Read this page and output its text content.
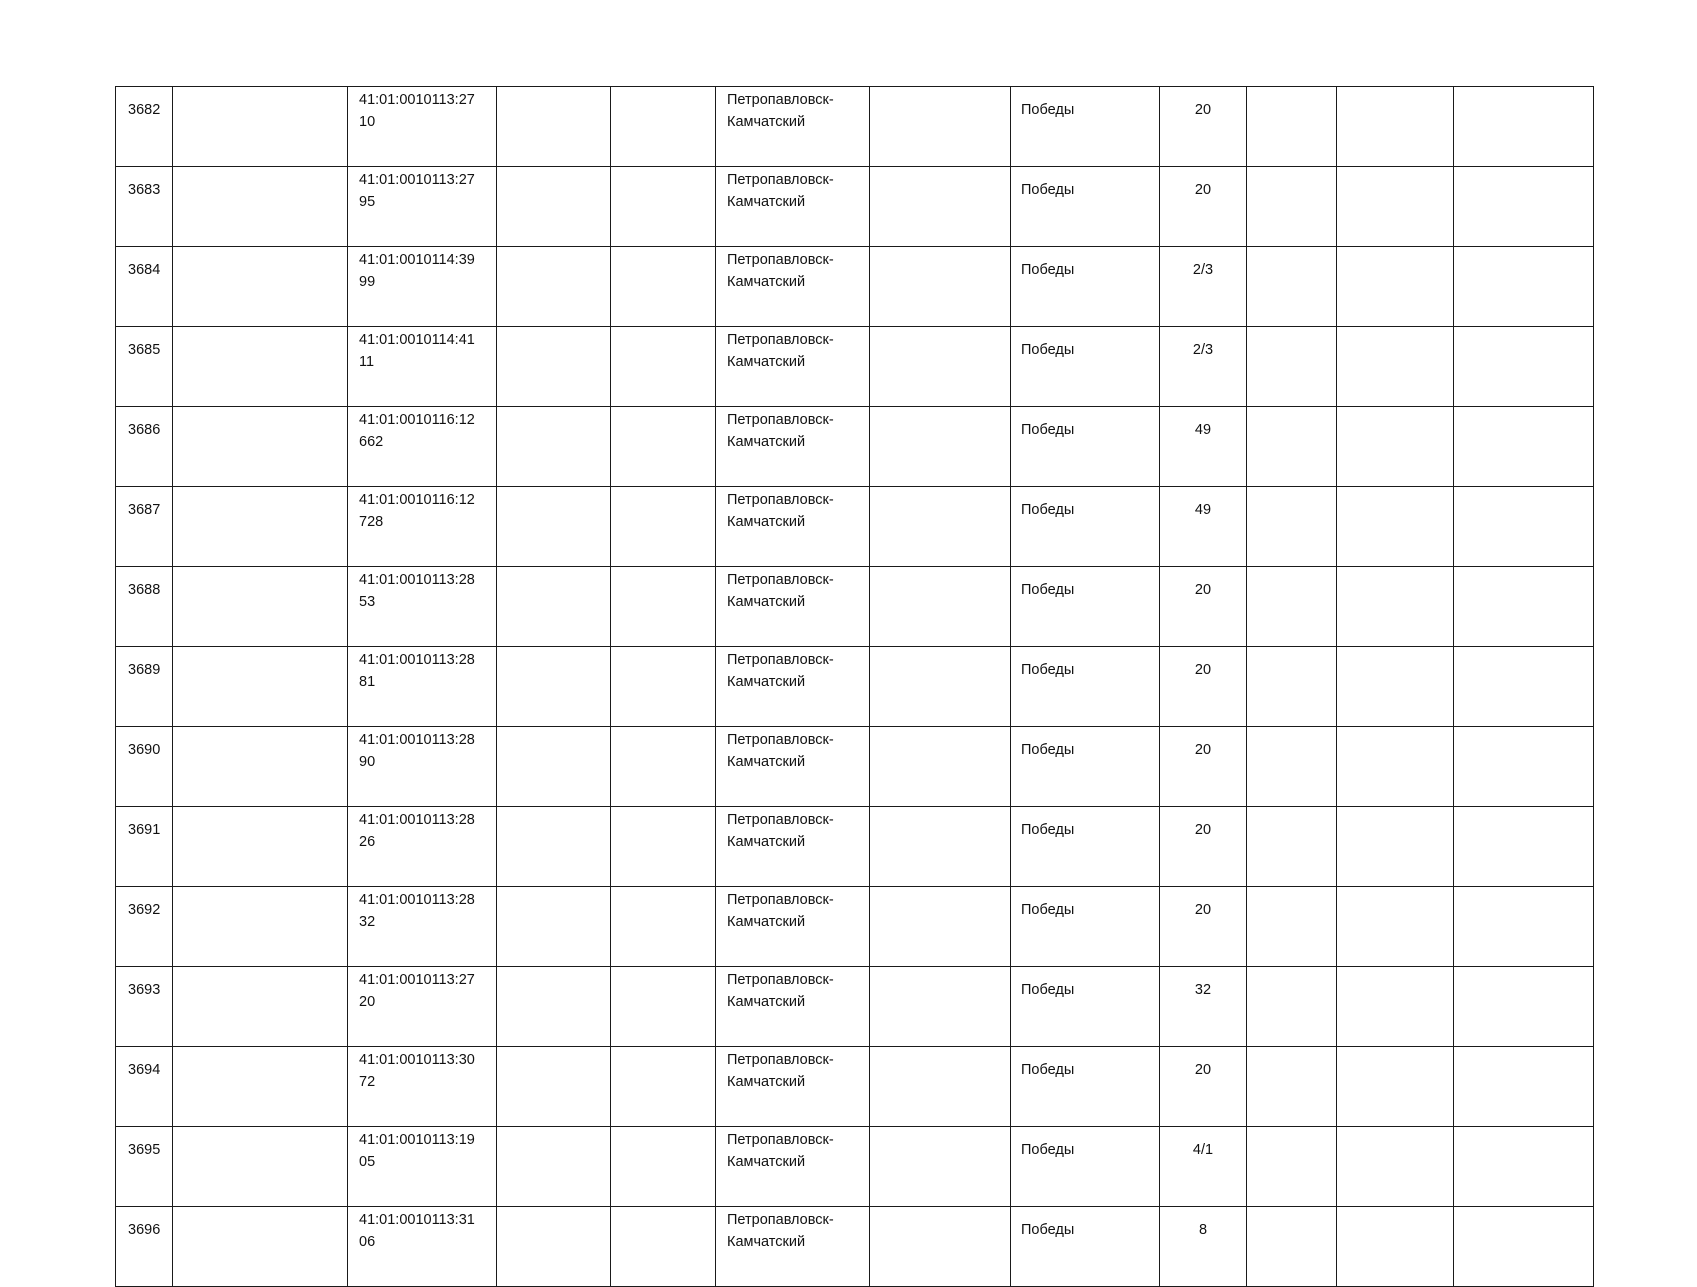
3682		41:01:0010113:27
10			Петропавловск-
Камчатский		Победы	20			

3683		41:01:0010113:27
95			Петропавловск-
Камчатский		Победы	20			

3684		41:01:0010114:39
99			Петропавловск-
Камчатский		Победы	2/3			

3685		41:01:0010114:41
11			Петропавловск-
Камчатский		Победы	2/3			

3686		41:01:0010116:12
662			Петропавловск-
Камчатский		Победы	49			

3687		41:01:0010116:12
728			Петропавловск-
Камчатский		Победы	49			

3688		41:01:0010113:28
53			Петропавловск-
Камчатский		Победы	20			

3689		41:01:0010113:28
81			Петропавловск-
Камчатский		Победы	20			

3690		41:01:0010113:28
90			Петропавловск-
Камчатский		Победы	20			

3691		41:01:0010113:28
26			Петропавловск-
Камчатский		Победы	20			

3692		41:01:0010113:28
32			Петропавловск-
Камчатский		Победы	20			

3693		41:01:0010113:27
20			Петропавловск-
Камчатский		Победы	32			

3694		41:01:0010113:30
72			Петропавловск-
Камчатский		Победы	20			

3695		41:01:0010113:19
05			Петропавловск-
Камчатский		Победы	4/1			

3696		41:01:0010113:31
06			Петропавловск-
Камчатский		Победы	8			
